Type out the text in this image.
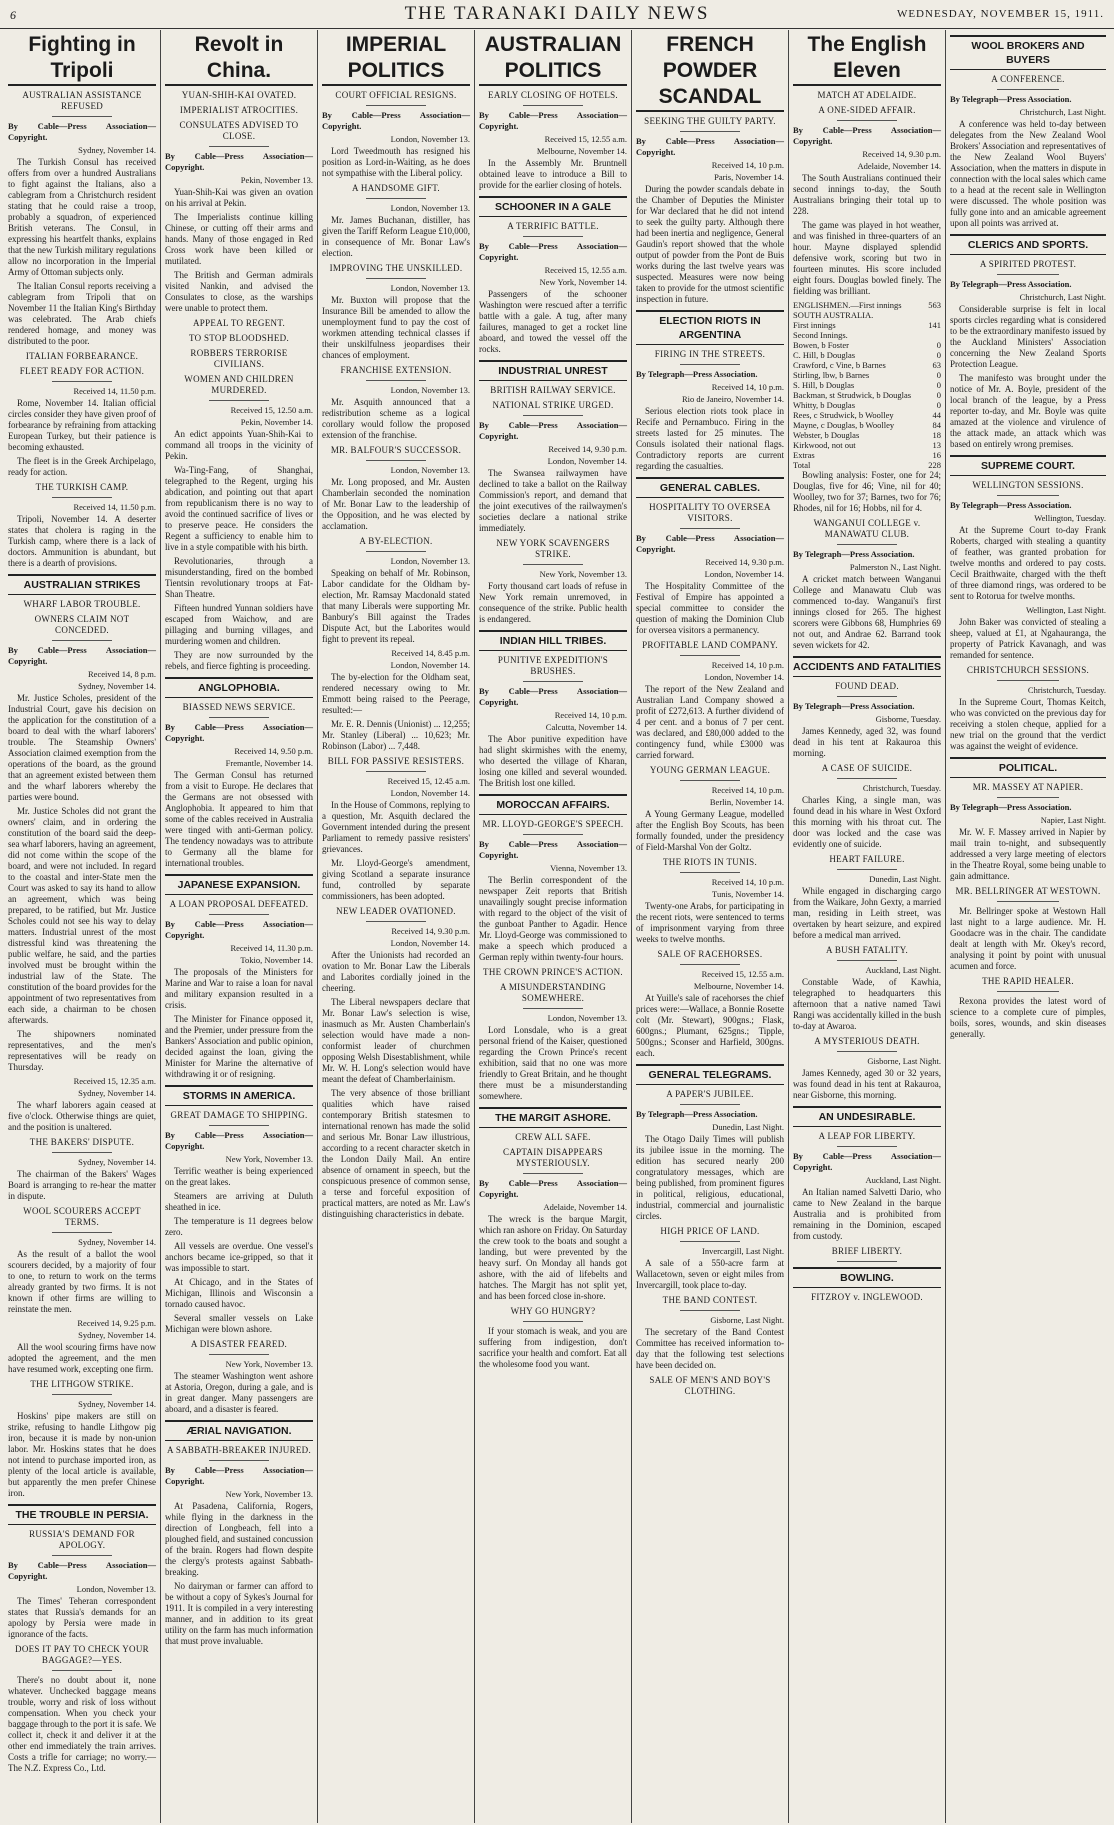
6	THE TARANAKI DAILY NEWS	WEDNESDAY, NOVEMBER 15, 1911.
Fighting in Tripoli
AUSTRALIAN ASSISTANCE REFUSED
By Cable—Press Association—Copyright.
Sydney, November 14.
The Turkish Consul has received offers from over a hundred Australians to fight against the Italians, also a cablegram from a Christchurch resident stating that he could raise a troop, probably a squadron, of experienced British veterans. The Consul, in expressing his heartfelt thanks, explains that the new Turkish military regulations allow no incorporation in the Imperial Army of Ottoman subjects only.
The Italian Consul reports receiving a cablegram from Tripoli that on November 11 the Italian King's Birthday was celebrated. The Arab chiefs rendered homage, and money was distributed to the poor.
ITALIAN FORBEARANCE.
FLEET READY FOR ACTION.
Received 14, 11.50 p.m.
Rome, November 14. Italian official circles consider they have given proof of forbearance by refraining from attacking European Turkey, but their patience is becoming exhausted.
The fleet is in the Greek Archipelago, ready for action.
THE TURKISH CAMP.
Received 14, 11.50 p.m.
Tripoli, November 14. A deserter states that cholera is raging in the Turkish camp, where there is a lack of doctors. Ammunition is abundant, but there is a dearth of provisions.
AUSTRALIAN STRIKES
WHARF LABOR TROUBLE.
OWNERS CLAIM NOT CONCEDED.
By Cable—Press Association—Copyright.
Received 14, 8 p.m.
Sydney, November 14.
Mr. Justice Scholes, president of the Industrial Court, gave his decision on the application for the constitution of a board to deal with the wharf laborers' trouble. The Steamship Owners' Association claimed exemption from the operations of the board, as the ground that an agreement existed between them and the wharf laborers whereby the parties were bound.
Mr. Justice Scholes did not grant the owners' claim, and in ordering the constitution of the board said the deep-sea wharf laborers, having an agreement, did not come within the scope of the board, and were not included. In regard to the coastal and inter-State men the Court was asked to say its hand to allow an agreement, which was being prepared, to be ratified, but Mr. Justice Scholes could not see his way to delay matters. Industrial unrest of the most distressful kind was threatening the public welfare, he said, and the parties involved must be brought within the industrial law of the State. The constitution of the board provides for the appointment of two representatives from each side, a chairman to be chosen afterwards.
The shipowners nominated representatives, and the men's representatives will be ready on Thursday.
Received 15, 12.35 a.m.
Sydney, November 14.
The wharf laborers again ceased at five o'clock. Otherwise things are quiet, and the position is unaltered.
THE BAKERS' DISPUTE.
Sydney, November 14.
The chairman of the Bakers' Wages Board is arranging to re-hear the matter in dispute.
WOOL SCOURERS ACCEPT TERMS.
Sydney, November 14.
As the result of a ballot the wool scourers decided, by a majority of four to one, to return to work on the terms already granted by two firms. It is not known if other firms are willing to reinstate the men.
Received 14, 9.25 p.m.
Sydney, November 14.
All the wool scouring firms have now adopted the agreement, and the men have resumed work, excepting one firm.
THE LITHGOW STRIKE.
Sydney, November 14.
Hoskins' pipe makers are still on strike, refusing to handle Lithgow pig iron, because it is made by non-union labor. Mr. Hoskins states that he does not intend to purchase imported iron, as plenty of the local article is available, but apparently the men prefer Chinese iron.
THE TROUBLE IN PERSIA.
RUSSIA'S DEMAND FOR APOLOGY.
By Cable—Press Association—Copyright.
London, November 13.
The Times' Teheran correspondent states that Russia's demands for an apology by Persia were made in ignorance of the facts.
DOES IT PAY TO CHECK YOUR BAGGAGE?—YES.
There's no doubt about it, none whatever. Unchecked baggage means trouble, worry and risk of loss without compensation. When you check your baggage through to the port it is safe. We collect it, check it and deliver it at the other end immediately the train arrives. Costs a trifle for carriage; no worry.—The N.Z. Express Co., Ltd.
Revolt in China.
YUAN-SHIH-KAI OVATED.
IMPERIALIST ATROCITIES.
CONSULATES ADVISED TO CLOSE.
By Cable—Press Association—Copyright.
Pekin, November 13.
Yuan-Shih-Kai was given an ovation on his arrival at Pekin.
The Imperialists continue killing Chinese, or cutting off their arms and hands. Many of those engaged in Red Cross work have been killed or mutilated.
The British and German admirals visited Nankin, and advised the Consulates to close, as the warships were unable to protect them.
APPEAL TO REGENT.
TO STOP BLOODSHED.
ROBBERS TERRORISE CIVILIANS.
WOMEN AND CHILDREN MURDERED.
Received 15, 12.50 a.m.
Pekin, November 14.
An edict appoints Yuan-Shih-Kai to command all troops in the vicinity of Pekin.
Wa-Ting-Fang, of Shanghai, telegraphed to the Regent, urging his abdication, and pointing out that apart from republicanism there is no way to avoid the continued sacrifice of lives or to preserve peace. He considers the Regent a sufficiency to enable him to live in a style compatible with his birth.
Revolutionaries, through a misunderstanding, fired on the bombed Tientsin revolutionary troops at Fat-Shan Theatre.
Fifteen hundred Yunnan soldiers have escaped from Waichow, and are pillaging and burning villages, and murdering women and children.
They are now surrounded by the rebels, and fierce fighting is proceeding.
ANGLOPHOBIA.
BIASSED NEWS SERVICE.
By Cable—Press Association—Copyright.
Received 14, 9.50 p.m.
Fremantle, November 14.
The German Consul has returned from a visit to Europe. He declares that the Germans are not obsessed with Anglophobia. It appeared to him that some of the cables received in Australia were tinged with anti-German policy. The tendency nowadays was to attribute to Germany all the blame for international troubles.
JAPANESE EXPANSION.
A LOAN PROPOSAL DEFEATED.
By Cable—Press Association—Copyright.
Received 14, 11.30 p.m.
Tokio, November 14.
The proposals of the Ministers for Marine and War to raise a loan for naval and military expansion resulted in a crisis.
The Minister for Finance opposed it, and the Premier, under pressure from the Bankers' Association and public opinion, decided against the loan, giving the Minister for Marine the alternative of withdrawing it or of resigning.
STORMS IN AMERICA.
GREAT DAMAGE TO SHIPPING.
By Cable—Press Association—Copyright.
New York, November 13.
Terrific weather is being experienced on the great lakes.
Steamers are arriving at Duluth sheathed in ice.
The temperature is 11 degrees below zero.
All vessels are overdue. One vessel's anchors became ice-gripped, so that it was impossible to start.
At Chicago, and in the States of Michigan, Illinois and Wisconsin a tornado caused havoc.
Several smaller vessels on Lake Michigan were blown ashore.
A DISASTER FEARED.
New York, November 13.
The steamer Washington went ashore at Astoria, Oregon, during a gale, and is in great danger. Many passengers are aboard, and a disaster is feared.
ÆRIAL NAVIGATION.
A SABBATH-BREAKER INJURED.
By Cable—Press Association—Copyright.
New York, November 13.
At Pasadena, California, Rogers, while flying in the darkness in the direction of Longbeach, fell into a ploughed field, and sustained concussion of the brain. Rogers had flown despite the clergy's protests against Sabbath-breaking.
No dairyman or farmer can afford to be without a copy of Sykes's Journal for 1911. It is compiled in a very interesting manner, and in addition to its great utility on the farm has much information that must prove invaluable.
IMPERIAL POLITICS
COURT OFFICIAL RESIGNS.
By Cable—Press Association—Copyright.
London, November 13.
Lord Tweedmouth has resigned his position as Lord-in-Waiting, as he does not sympathise with the Liberal policy.
A HANDSOME GIFT.
London, November 13.
Mr. James Buchanan, distiller, has given the Tariff Reform League £10,000, in consequence of Mr. Bonar Law's election.
IMPROVING THE UNSKILLED.
London, November 13.
Mr. Buxton will propose that the Insurance Bill be amended to allow the unemployment fund to pay the cost of workmen attending technical classes if their unskilfulness jeopardises their chances of employment.
FRANCHISE EXTENSION.
London, November 13.
Mr. Asquith announced that a redistribution scheme as a logical corollary would follow the proposed extension of the franchise.
MR. BALFOUR'S SUCCESSOR.
London, November 13.
Mr. Long proposed, and Mr. Austen Chamberlain seconded the nomination of Mr. Bonar Law to the leadership of the Opposition, and he was elected by acclamation.
A BY-ELECTION.
London, November 13.
Speaking on behalf of Mr. Robinson, Labor candidate for the Oldham by-election, Mr. Ramsay Macdonald stated that many Liberals were supporting Mr. Banbury's Bill against the Trades Dispute Act, but the Laborites would fight to prevent its repeal.
Received 14, 8.45 p.m.
London, November 14.
The by-election for the Oldham seat, rendered necessary owing to Mr. Emmott being raised to the Peerage, resulted:—
Mr. E. R. Dennis (Unionist) ... 12,255; Mr. Stanley (Liberal) ... 10,623; Mr. Robinson (Labor) ... 7,448.
BILL FOR PASSIVE RESISTERS.
Received 15, 12.45 a.m.
London, November 14.
In the House of Commons, replying to a question, Mr. Asquith declared the Government intended during the present Parliament to remedy passive resisters' grievances.
Mr. Lloyd-George's amendment, giving Scotland a separate insurance fund, controlled by separate commissioners, has been adopted.
NEW LEADER OVATIONED.
Received 14, 9.30 p.m.
London, November 14.
After the Unionists had recorded an ovation to Mr. Bonar Law the Liberals and Laborites cordially joined in the cheering.
The Liberal newspapers declare that Mr. Bonar Law's selection is wise, inasmuch as Mr. Austen Chamberlain's selection would have made a non-conformist leader of churchmen opposing Welsh Disestablishment, while Mr. W. H. Long's selection would have meant the defeat of Chamberlainism.
The very absence of those brilliant qualities which have raised contemporary British statesmen to international renown has made the solid and serious Mr. Bonar Law illustrious, according to a recent character sketch in the London Daily Mail. An entire absence of ornament in speech, but the conspicuous presence of common sense, a terse and forceful exposition of practical matters, are noted as Mr. Law's distinguishing characteristics in debate.
AUSTRALIAN POLITICS
EARLY CLOSING OF HOTELS.
By Cable—Press Association—Copyright.
Received 15, 12.55 a.m.
Melbourne, November 14.
In the Assembly Mr. Bruntnell obtained leave to introduce a Bill to provide for the earlier closing of hotels.
SCHOONER IN A GALE
A TERRIFIC BATTLE.
By Cable—Press Association—Copyright.
Received 15, 12.55 a.m.
New York, November 14.
Passengers of the schooner Washington were rescued after a terrific battle with a gale. A tug, after many failures, managed to get a rocket line aboard, and towed the vessel off the rocks.
INDUSTRIAL UNREST
BRITISH RAILWAY SERVICE.
NATIONAL STRIKE URGED.
By Cable—Press Association—Copyright.
Received 14, 9.30 p.m.
London, November 14.
The Swansea railwaymen have declined to take a ballot on the Railway Commission's report, and demand that the joint executives of the railwaymen's societies declare a national strike immediately.
NEW YORK SCAVENGERS STRIKE.
New York, November 13.
Forty thousand cart loads of refuse in New York remain unremoved, in consequence of the strike. Public health is endangered.
INDIAN HILL TRIBES.
PUNITIVE EXPEDITION'S BRUSHES.
By Cable—Press Association—Copyright.
Received 14, 10 p.m.
Calcutta, November 14.
The Abor punitive expedition have had slight skirmishes with the enemy, who deserted the village of Kharan, losing one killed and several wounded. The British lost one killed.
MOROCCAN AFFAIRS.
MR. LLOYD-GEORGE'S SPEECH.
By Cable—Press Association—Copyright.
Vienna, November 13.
The Berlin correspondent of the newspaper Zeit reports that British unavailingly sought precise information with regard to the object of the visit of the gunboat Panther to Agadir. Hence Mr. Lloyd-George was commissioned to make a speech which produced a German reply within twenty-four hours.
THE CROWN PRINCE'S ACTION.
A MISUNDERSTANDING SOMEWHERE.
London, November 13.
Lord Lonsdale, who is a great personal friend of the Kaiser, questioned regarding the Crown Prince's recent exhibition, said that no one was more friendly to Great Britain, and he thought there must be a misunderstanding somewhere.
THE MARGIT ASHORE.
CREW ALL SAFE.
CAPTAIN DISAPPEARS MYSTERIOUSLY.
By Cable—Press Association—Copyright.
Adelaide, November 14.
The wreck is the barque Margit, which ran ashore on Friday. On Saturday the crew took to the boats and sought a landing, but were prevented by the heavy surf. On Monday all hands got ashore, with the aid of lifebelts and hatches. The Margit has not split yet, and has been forced close in-shore.
WHY GO HUNGRY?
If your stomach is weak, and you are suffering from indigestion, don't sacrifice your health and comfort. Eat all the wholesome food you want.
FRENCH POWDER SCANDAL
SEEKING THE GUILTY PARTY.
By Cable—Press Association—Copyright.
Received 14, 10 p.m.
Paris, November 14.
During the powder scandals debate in the Chamber of Deputies the Minister for War declared that he did not intend to seek the guilty party. Although there had been inertia and negligence, General Gaudin's report showed that the whole output of powder from the Pont de Buis works during the last twelve years was suspected. Measures were now being taken to provide for the utmost scientific inspection in future.
ELECTION RIOTS IN ARGENTINA
FIRING IN THE STREETS.
By Telegraph—Press Association.
Received 14, 10 p.m.
Rio de Janeiro, November 14.
Serious election riots took place in Recife and Pernambuco. Firing in the streets lasted for 25 minutes. The Consuls isolated their national flags. Contradictory reports are current regarding the casualties.
GENERAL CABLES.
HOSPITALITY TO OVERSEA VISITORS.
By Cable—Press Association—Copyright.
Received 14, 9.30 p.m.
London, November 14.
The Hospitality Committee of the Festival of Empire has appointed a special committee to consider the question of making the Dominion Club for oversea visitors a permanency.
PROFITABLE LAND COMPANY.
Received 14, 10 p.m.
London, November 14.
The report of the New Zealand and Australian Land Company showed a profit of £272,613. A further dividend of 4 per cent. and a bonus of 7 per cent. was declared, and £80,000 added to the contingency fund, while £3000 was carried forward.
YOUNG GERMAN LEAGUE.
Received 14, 10 p.m.
Berlin, November 14.
A Young Germany League, modelled after the English Boy Scouts, has been formally founded, under the presidency of Field-Marshal Von der Goltz.
THE RIOTS IN TUNIS.
Received 14, 10 p.m.
Tunis, November 14.
Twenty-one Arabs, for participating in the recent riots, were sentenced to terms of imprisonment varying from three weeks to twelve months.
SALE OF RACEHORSES.
Received 15, 12.55 a.m.
Melbourne, November 14.
At Yuille's sale of racehorses the chief prices were:—Wallace, a Bonnie Rosette colt (Mr. Stewart), 900gns.; Flask, 600gns.; Plumant, 625gns.; Tipple, 500gns.; Sconser and Harfield, 300gns. each.
GENERAL TELEGRAMS.
A PAPER'S JUBILEE.
By Telegraph—Press Association.
Dunedin, Last Night.
The Otago Daily Times will publish its jubilee issue in the morning. The edition has secured nearly 200 congratulatory messages, which are being published, from prominent figures in political, religious, educational, industrial, commercial and journalistic circles.
HIGH PRICE OF LAND.
Invercargill, Last Night.
A sale of a 550-acre farm at Wallacetown, seven or eight miles from Invercargill, took place to-day.
THE BAND CONTEST.
Gisborne, Last Night.
The secretary of the Band Contest Committee has received information to-day that the following test selections have been decided on.
SALE OF MEN'S AND BOY'S CLOTHING.
The English Eleven
MATCH AT ADELAIDE.
A ONE-SIDED AFFAIR.
By Cable—Press Association—Copyright.
Received 14, 9.30 p.m.
Adelaide, November 14.
The South Australians continued their second innings to-day, the South Australians bringing their total up to 228.
The game was played in hot weather, and was finished in three-quarters of an hour. Mayne displayed splendid defensive work, scoring but two in fourteen minutes. His score included eight fours. Douglas bowled finely. The fielding was brilliant.
ENGLISHMEN.—First innings	563
SOUTH AUSTRALIA.
First innings	141
Second Innings.
Bowen, b Foster	0
C. Hill, b Douglas	0
Crawford, c Vine, b Barnes	63
Stirling, lbw, b Barnes	0
S. Hill, b Douglas	0
Backman, st Strudwick, b Douglas	0
Whitty, b Douglas	0
Rees, c Strudwick, b Woolley	44
Mayne, c Douglas, b Woolley	84
Webster, b Douglas	18
Kirkwood, not out	13
Extras	16
Total	228
Bowling analysis: Foster, one for 24; Douglas, five for 46; Vine, nil for 40; Woolley, two for 37; Barnes, two for 76; Rhodes, nil for 16; Hobbs, nil for 4.
WANGANUI COLLEGE v. MANAWATU CLUB.
By Telegraph—Press Association.
Palmerston N., Last Night.
A cricket match between Wanganui College and Manawatu Club was commenced to-day. Wanganui's first innings closed for 265. The highest scorers were Gibbons 68, Humphries 69 not out, and Andrae 62. Barrand took seven wickets for 42.
ACCIDENTS AND FATALITIES
FOUND DEAD.
By Telegraph—Press Association.
Gisborne, Tuesday.
James Kennedy, aged 32, was found dead in his tent at Rakauroa this morning.
A CASE OF SUICIDE.
Christchurch, Tuesday.
Charles King, a single man, was found dead in his whare in West Oxford this morning with his throat cut. The door was locked and the case was evidently one of suicide.
HEART FAILURE.
Dunedin, Last Night.
While engaged in discharging cargo from the Waikare, John Gexty, a married man, residing in Leith street, was overtaken by heart seizure, and expired before a medical man arrived.
A BUSH FATALITY.
Auckland, Last Night.
Constable Wade, of Kawhia, telegraphed to headquarters this afternoon that a native named Tawi Rangi was accidentally killed in the bush to-day at Awaroa.
A MYSTERIOUS DEATH.
Gisborne, Last Night.
James Kennedy, aged 30 or 32 years, was found dead in his tent at Rakauroa, near Gisborne, this morning.
AN UNDESIRABLE.
A LEAP FOR LIBERTY.
By Cable—Press Association—Copyright.
Auckland, Last Night.
An Italian named Salvetti Dario, who came to New Zealand in the barque Australia and is prohibited from remaining in the Dominion, escaped from custody.
BRIEF LIBERTY.
BOWLING.
FITZROY v. INGLEWOOD.
WOOL BROKERS AND BUYERS
A CONFERENCE.
By Telegraph—Press Association.
Christchurch, Last Night.
A conference was held to-day between delegates from the New Zealand Wool Brokers' Association and representatives of the New Zealand Wool Buyers' Association, when the matters in dispute in connection with the local sales which came to a head at the recent sale in Wellington were discussed. The whole position was fully gone into and an amicable agreement upon all points was arrived at.
CLERICS AND SPORTS.
A SPIRITED PROTEST.
By Telegraph—Press Association.
Christchurch, Last Night.
Considerable surprise is felt in local sports circles regarding what is considered to be the extraordinary manifesto issued by the Auckland Ministers' Association concerning the New Zealand Sports Protection League.
The manifesto was brought under the notice of Mr. A. Boyle, president of the local branch of the league, by a Press reporter to-day, and Mr. Boyle was quite amazed at the violence and virulence of the attack made, an attack which was based on entirely wrong premises.
SUPREME COURT.
WELLINGTON SESSIONS.
By Telegraph—Press Association.
Wellington, Tuesday.
At the Supreme Court to-day Frank Roberts, charged with stealing a quantity of feather, was granted probation for twelve months and ordered to pay costs. Cecil Braithwaite, charged with the theft of three diamond rings, was ordered to be sent to Rotorua for twelve months.
Wellington, Last Night.
John Baker was convicted of stealing a sheep, valued at £1, at Ngahauranga, the property of Patrick Kavanagh, and was remanded for sentence.
CHRISTCHURCH SESSIONS.
Christchurch, Tuesday.
In the Supreme Court, Thomas Keitch, who was convicted on the previous day for receiving a stolen cheque, applied for a new trial on the ground that the verdict was against the weight of evidence.
POLITICAL.
MR. MASSEY AT NAPIER.
By Telegraph—Press Association.
Napier, Last Night.
Mr. W. F. Massey arrived in Napier by mail train to-night, and subsequently addressed a very large meeting of electors in the Theatre Royal, some being unable to gain admittance.
MR. BELLRINGER AT WESTOWN.
Mr. Bellringer spoke at Westown Hall last night to a large audience. Mr. H. Goodacre was in the chair. The candidate dealt at length with Mr. Okey's record, analysing it point by point with unusual acumen and force.
THE RAPID HEALER.
Rexona provides the latest word of science to a complete cure of pimples, boils, sores, wounds, and skin diseases generally.
